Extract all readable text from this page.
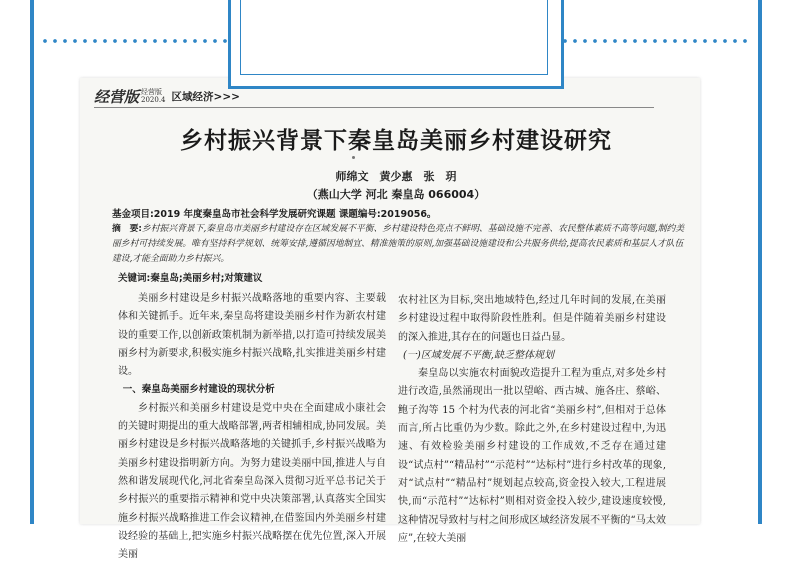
经营版 经营版
2020.4 区域经济>>>
乡村振兴背景下秦皇岛美丽乡村建设研究
师绵文　黄少惠　张　玥
（燕山大学 河北 秦皇岛 066004）
基金项目:2019 年度秦皇岛市社会科学发展研究课题 课题编号:2019056。
摘　要:乡村振兴背景下,秦皇岛市美丽乡村建设存在区域发展不平衡、乡村建设特色亮点不鲜明、基础设施不完善、农民整体素质不高等问题,制约美丽乡村可持续发展。唯有坚持科学规划、统筹安排,遵循因地制宜、精准施策的原则,加强基础设施建设和公共服务供给,提高农民素质和基层人才队伍建设,才能全面助力乡村振兴。
关键词:秦皇岛;美丽乡村;对策建议

美丽乡村建设是乡村振兴战略落地的重要内容、主要载体和关键抓手。近年来,秦皇岛将建设美丽乡村作为新农村建设的重要工作,以创新政策机制为新举措,以打造可持续发展美丽乡村为新要求,积极实施乡村振兴战略,扎实推进美丽乡村建设。

一、秦皇岛美丽乡村建设的现状分析

乡村振兴和美丽乡村建设是党中央在全面建成小康社会的关键时期提出的重大战略部署,两者相辅相成,协同发展。美丽乡村建设是乡村振兴战略落地的关键抓手,乡村振兴战略为美丽乡村建设指明新方向。为努力建设美丽中国,推进人与自然和谐发展现代化,河北省秦皇岛深入贯彻习近平总书记关于乡村振兴的重要指示精神和党中央决策部署,认真落实全国实施乡村振兴战略推进工作会议精神,在借鉴国内外美丽乡村建设经验的基础上,把实施乡村振兴战略摆在优先位置,深入开展美丽

农村社区为目标,突出地域特色,经过几年时间的发展,在美丽乡村建设过程中取得阶段性胜利。但是伴随着美丽乡村建设的深入推进,其存在的问题也日益凸显。

(一)区域发展不平衡,缺乏整体规划

秦皇岛以实施农村面貌改造提升工程为重点,对多处乡村进行改造,虽然涌现出一批以望峪、西古城、施各庄、蔡峪、鲍子沟等 15 个村为代表的河北省“美丽乡村”,但相对于总体而言,所占比重仍为少数。除此之外,在乡村建设过程中,为迅速、有效检验美丽乡村建设的工作成效,不乏存在通过建设“试点村”“精品村”“示范村”“达标村”进行乡村改革的现象,对“试点村”“精品村”规划起点较高,资金投入较大,工程进展快,而“示范村”“达标村”则相对资金投入较少,建设速度较慢,这种情况导致村与村之间形成区域经济发展不平衡的“马太效应”,在较大美丽
